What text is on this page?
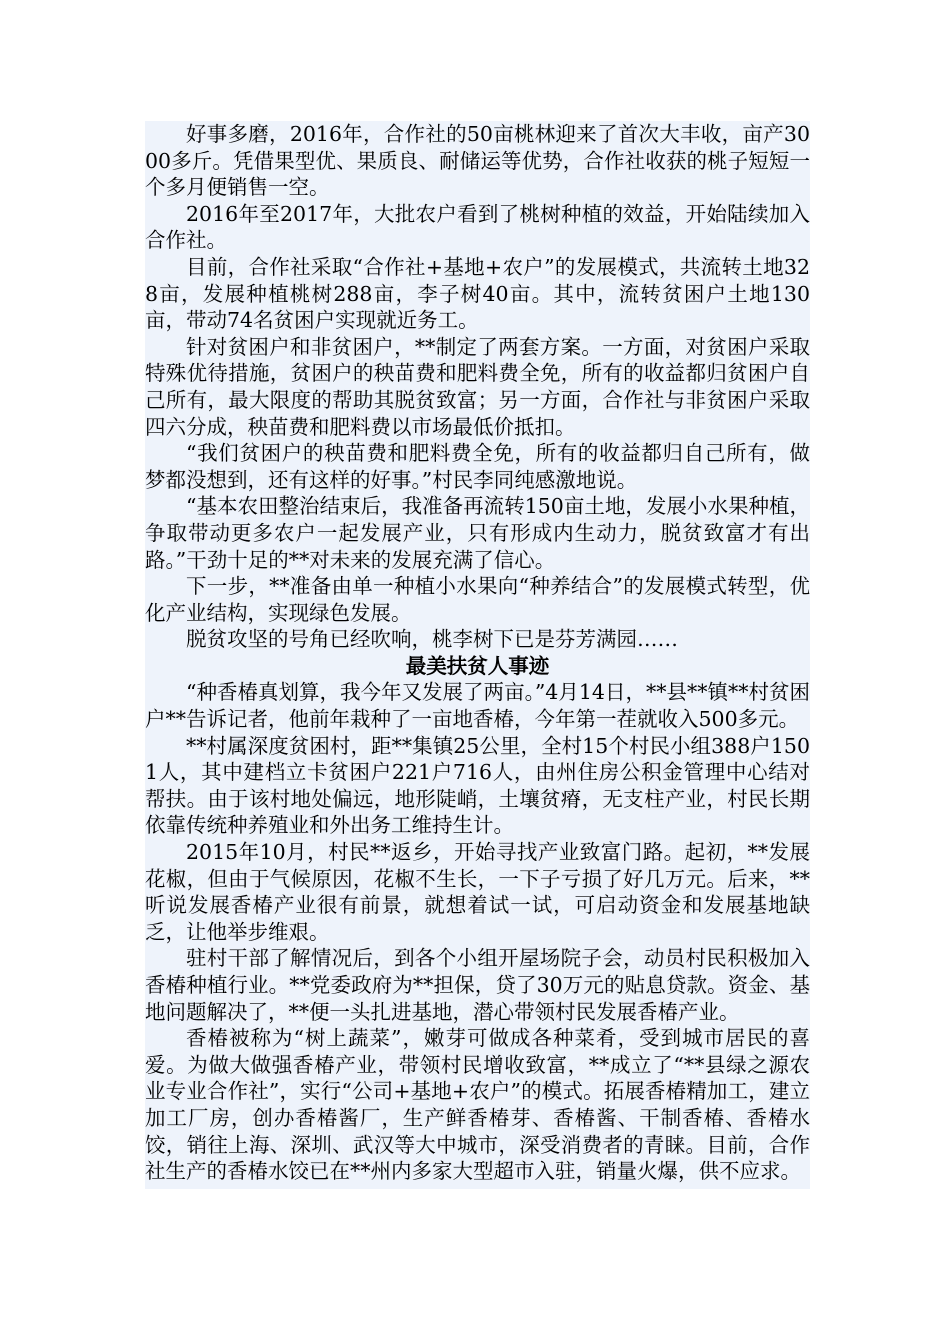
好事多磨，2016年，合作社的50亩桃林迎来了首次大丰收，亩产3000多斤。凭借果型优、果质良、耐储运等优势，合作社收获的桃子短短一个多月便销售一空。

2016年至2017年，大批农户看到了桃树种植的效益，开始陆续加入合作社。

目前，合作社采取“合作社+基地+农户”的发展模式，共流转土地328亩，发展种植桃树288亩，李子树40亩。其中，流转贫困户土地130亩，带动74名贫困户实现就近务工。

针对贫困户和非贫困户，**制定了两套方案。一方面，对贫困户采取特殊优待措施，贫困户的秧苗费和肥料费全免，所有的收益都归贫困户自己所有，最大限度的帮助其脱贫致富；另一方面，合作社与非贫困户采取四六分成，秧苗费和肥料费以市场最低价抵扣。

“我们贫困户的秧苗费和肥料费全免，所有的收益都归自己所有，做梦都没想到，还有这样的好事。”村民李同纯感激地说。

“基本农田整治结束后，我准备再流转150亩土地，发展小水果种植，争取带动更多农户一起发展产业，只有形成内生动力，脱贫致富才有出路。”干劲十足的**对未来的发展充满了信心。

下一步，**准备由单一种植小水果向“种养结合”的发展模式转型，优化产业结构，实现绿色发展。

脱贫攻坚的号角已经吹响，桃李树下已是芬芳满园……

最美扶贫人事迹

“种香椿真划算，我今年又发展了两亩。”4月14日，**县**镇**村贫困户**告诉记者，他前年栽种了一亩地香椿，今年第一茬就收入500多元。

**村属深度贫困村，距**集镇25公里，全村15个村民小组388户1501人，其中建档立卡贫困户221户716人，由州住房公积金管理中心结对帮扶。由于该村地处偏远，地形陡峭，土壤贫瘠，无支柱产业，村民长期依靠传统种养殖业和外出务工维持生计。

2015年10月，村民**返乡，开始寻找产业致富门路。起初，**发展花椒，但由于气候原因，花椒不生长，一下子亏损了好几万元。后来，**听说发展香椿产业很有前景，就想着试一试，可启动资金和发展基地缺乏，让他举步维艰。

驻村干部了解情况后，到各个小组开屋场院子会，动员村民积极加入香椿种植行业。**党委政府为**担保，贷了30万元的贴息贷款。资金、基地问题解决了，**便一头扎进基地，潜心带领村民发展香椿产业。

香椿被称为“树上蔬菜”，嫩芽可做成各种菜肴，受到城市居民的喜爱。为做大做强香椿产业，带领村民增收致富，**成立了“**县绿之源农业专业合作社”，实行“公司+基地+农户”的模式。拓展香椿精加工，建立加工厂房，创办香椿酱厂，生产鲜香椿芽、香椿酱、干制香椿、香椿水饺，销往上海、深圳、武汉等大中城市，深受消费者的青睐。目前，合作社生产的香椿水饺已在**州内多家大型超市入驻，销量火爆，供不应求。
